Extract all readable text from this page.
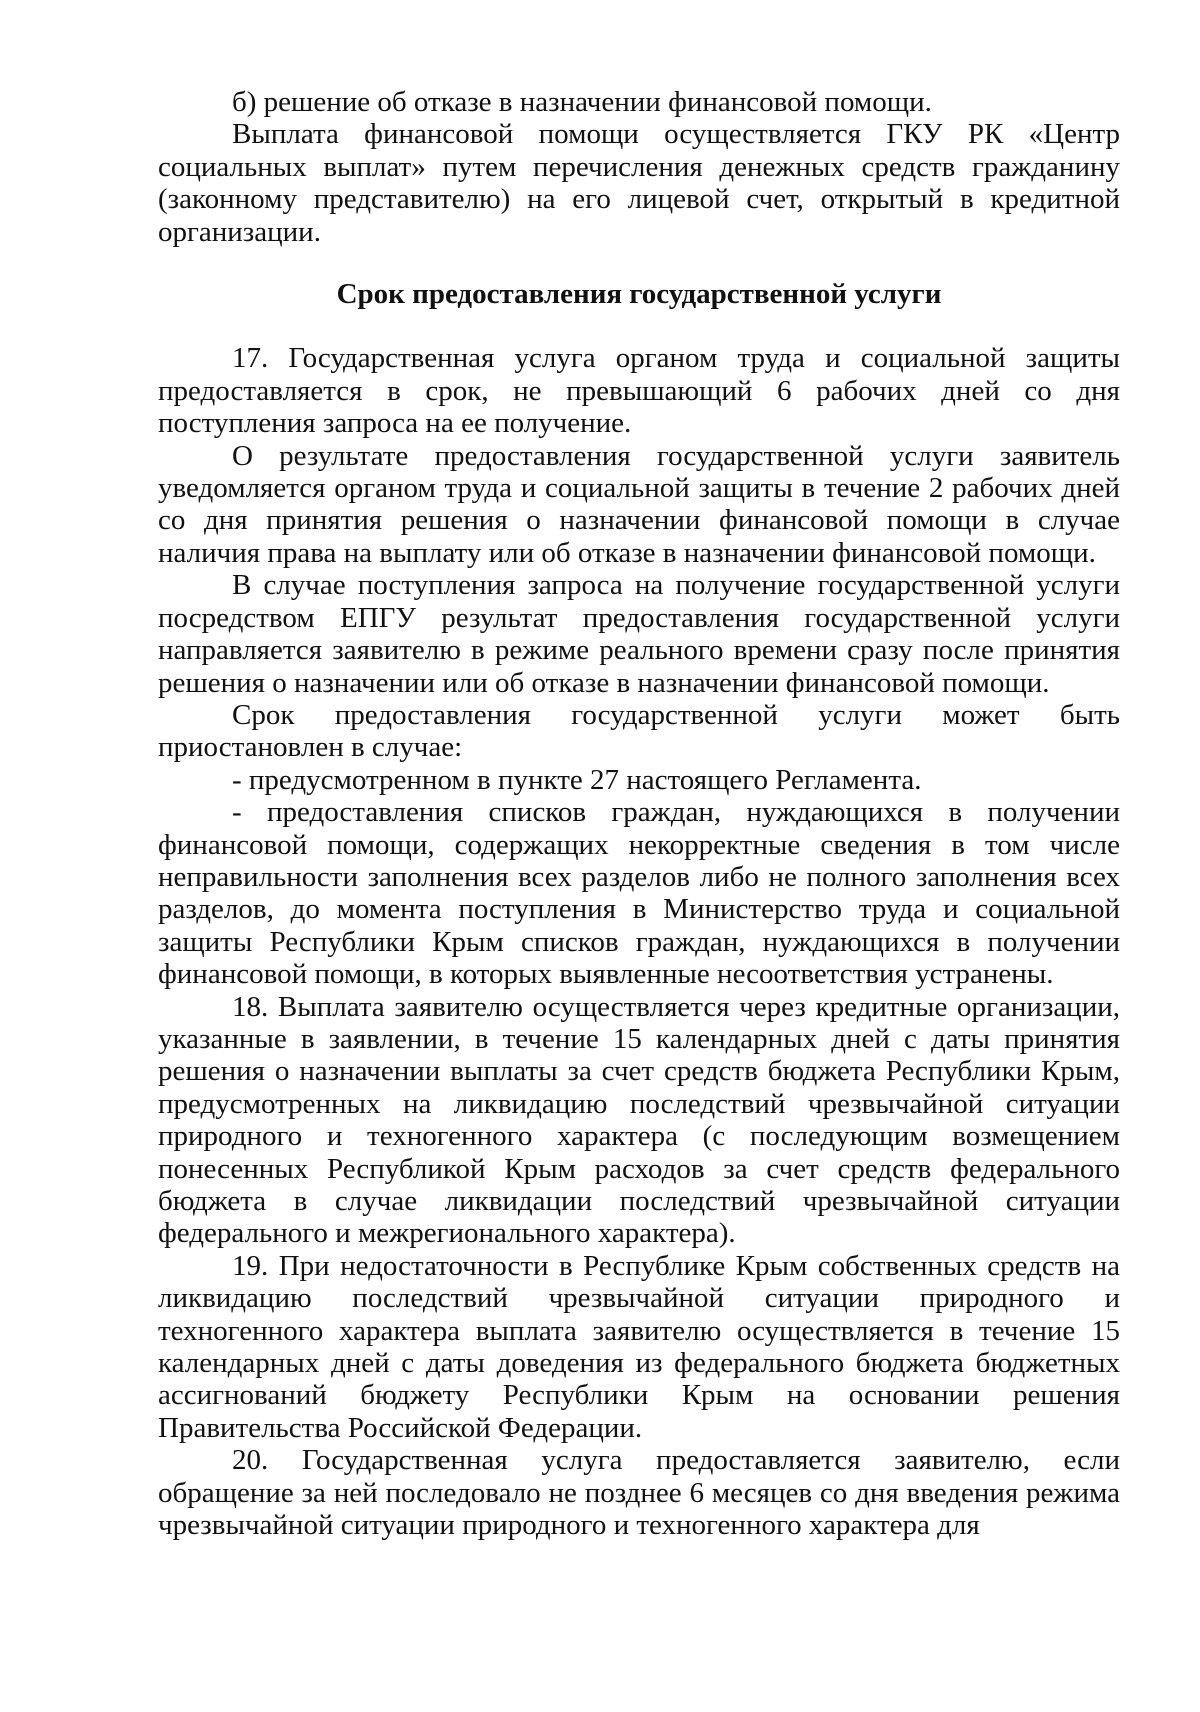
б) решение об отказе в назначении финансовой помощи.

Выплата финансовой помощи осуществляется ГКУ РК «Центр социальных выплат» путем перечисления денежных средств гражданину (законному представителю) на его лицевой счет, открытый в кредитной организации.

Срок предоставления государственной услуги

17. Государственная услуга органом труда и социальной защиты предоставляется в срок, не превышающий 6 рабочих дней со дня поступления запроса на ее получение.

О результате предоставления государственной услуги заявитель уведомляется органом труда и социальной защиты в течение 2 рабочих дней со дня принятия решения о назначении финансовой помощи в случае наличия права на выплату или об отказе в назначении финансовой помощи.

В случае поступления запроса на получение государственной услуги посредством ЕПГУ результат предоставления государственной услуги направляется заявителю в режиме реального времени сразу после принятия решения о назначении или об отказе в назначении финансовой помощи.

Срок предоставления государственной услуги может быть приостановлен в случае:

- предусмотренном в пункте 27 настоящего Регламента.

- предоставления списков граждан, нуждающихся в получении финансовой помощи, содержащих некорректные сведения в том числе неправильности заполнения всех разделов либо не полного заполнения всех разделов, до момента поступления в Министерство труда и социальной защиты Республики Крым списков граждан, нуждающихся в получении финансовой помощи, в которых выявленные несоответствия устранены.

18. Выплата заявителю осуществляется через кредитные организации, указанные в заявлении, в течение 15 календарных дней с даты принятия решения о назначении выплаты за счет средств бюджета Республики Крым, предусмотренных на ликвидацию последствий чрезвычайной ситуации природного и техногенного характера (с последующим возмещением понесенных Республикой Крым расходов за счет средств федерального бюджета в случае ликвидации последствий чрезвычайной ситуации федерального и межрегионального характера).

19. При недостаточности в Республике Крым собственных средств на ликвидацию последствий чрезвычайной ситуации природного и техногенного характера выплата заявителю осуществляется в течение 15 календарных дней с даты доведения из федерального бюджета бюджетных ассигнований бюджету Республики Крым на основании решения Правительства Российской Федерации.

20. Государственная услуга предоставляется заявителю, если обращение за ней последовало не позднее 6 месяцев со дня введения режима чрезвычайной ситуации природного и техногенного характера для
